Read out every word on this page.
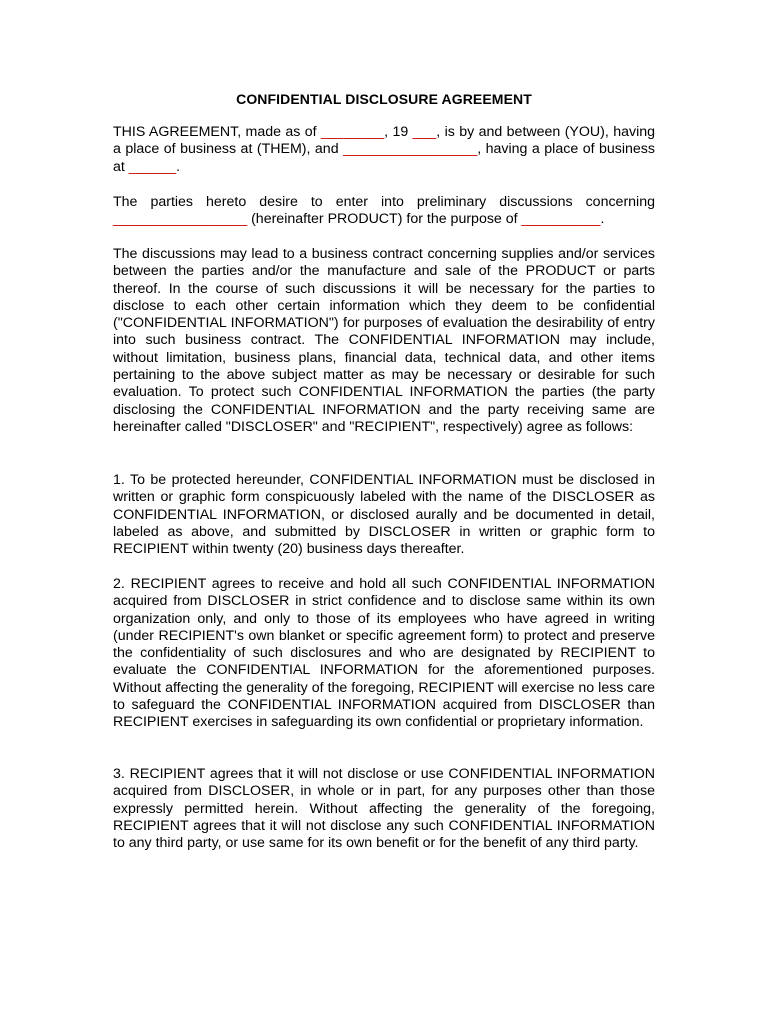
CONFIDENTIAL DISCLOSURE AGREEMENT

THIS AGREEMENT, made as of ________, 19 ___, is by and between (YOU), having a place of business at (THEM), and _________________, having a place of business at ______.

The parties hereto desire to enter into preliminary discussions concerning _________________ (hereinafter PRODUCT) for the purpose of __________.

The discussions may lead to a business contract concerning supplies and/or services between the parties and/or the manufacture and sale of the PRODUCT or parts thereof. In the course of such discussions it will be necessary for the parties to disclose to each other certain information which they deem to be confidential ("CONFIDENTIAL INFORMATION") for purposes of evaluation the desirability of entry into such business contract. The CONFIDENTIAL INFORMATION may include, without limitation, business plans, financial data, technical data, and other items pertaining to the above subject matter as may be necessary or desirable for such evaluation. To protect such CONFIDENTIAL INFORMATION the parties (the party disclosing the CONFIDENTIAL INFORMATION and the party receiving same are hereinafter called "DISCLOSER" and "RECIPIENT", respectively) agree as follows:

1. To be protected hereunder, CONFIDENTIAL INFORMATION must be disclosed in written or graphic form conspicuously labeled with the name of the DISCLOSER as CONFIDENTIAL INFORMATION, or disclosed aurally and be documented in detail, labeled as above, and submitted by DISCLOSER in written or graphic form to RECIPIENT within twenty (20) business days thereafter.

2. RECIPIENT agrees to receive and hold all such CONFIDENTIAL INFORMATION acquired from DISCLOSER in strict confidence and to disclose same within its own organization only, and only to those of its employees who have agreed in writing (under RECIPIENT's own blanket or specific agreement form) to protect and preserve the confidentiality of such disclosures and who are designated by RECIPIENT to evaluate the CONFIDENTIAL INFORMATION for the aforementioned purposes. Without affecting the generality of the foregoing, RECIPIENT will exercise no less care to safeguard the CONFIDENTIAL INFORMATION acquired from DISCLOSER than RECIPIENT exercises in safeguarding its own confidential or proprietary information.

3. RECIPIENT agrees that it will not disclose or use CONFIDENTIAL INFORMATION acquired from DISCLOSER, in whole or in part, for any purposes other than those expressly permitted herein. Without affecting the generality of the foregoing, RECIPIENT agrees that it will not disclose any such CONFIDENTIAL INFORMATION to any third party, or use same for its own benefit or for the benefit of any third party.
